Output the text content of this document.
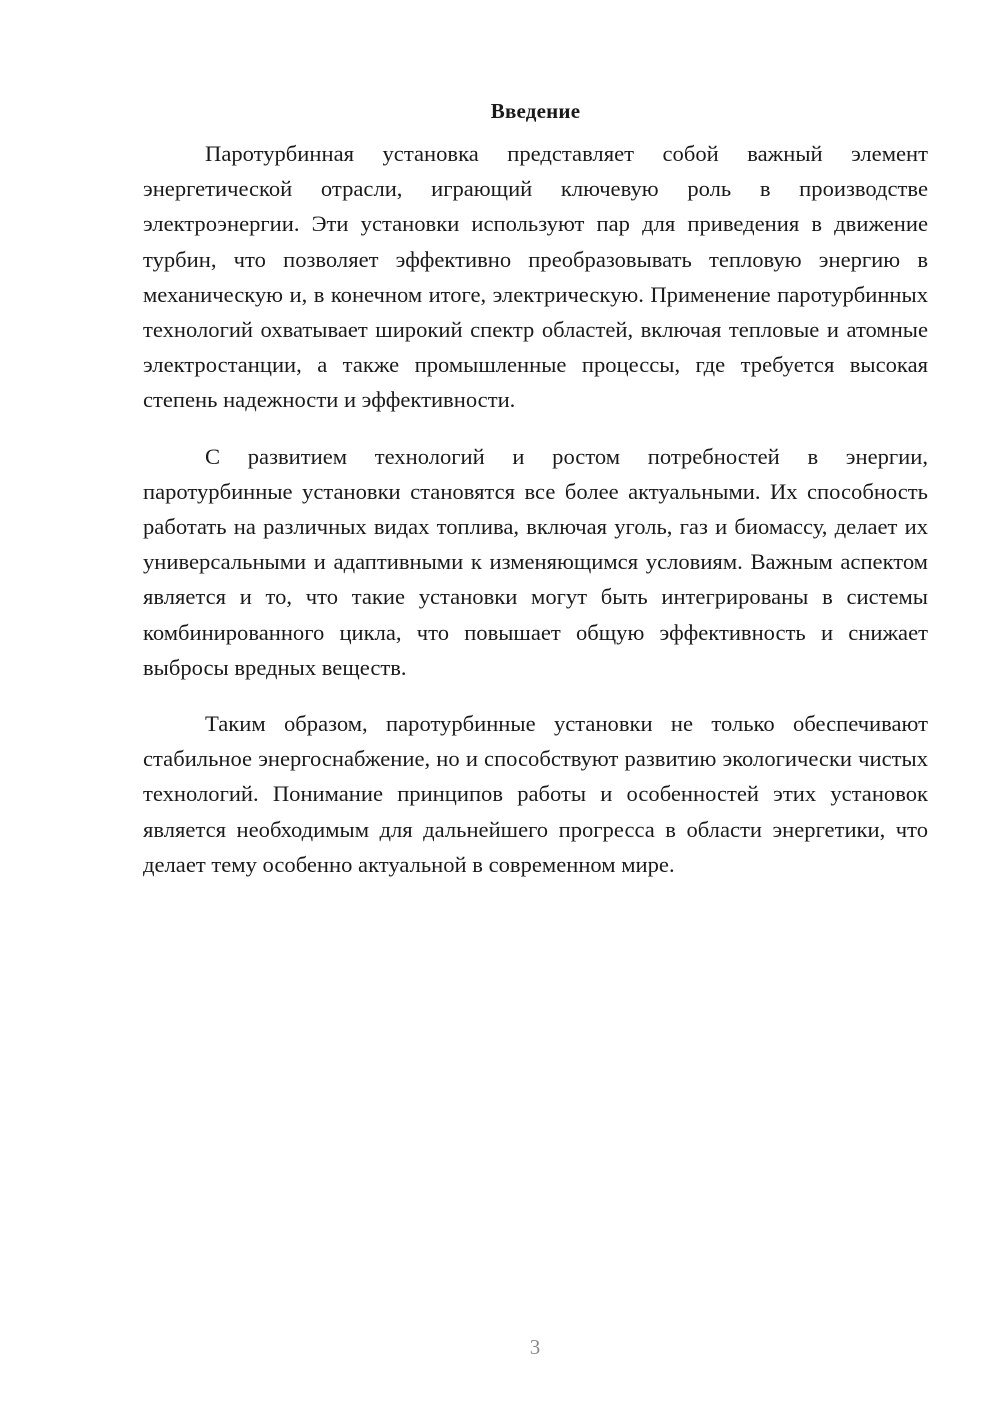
Введение

Паротурбинная установка представляет собой важный элемент энергетической отрасли, играющий ключевую роль в производстве электроэнергии. Эти установки используют пар для приведения в движение турбин, что позволяет эффективно преобразовывать тепловую энергию в механическую и, в конечном итоге, электрическую. Применение паротурбинных технологий охватывает широкий спектр областей, включая тепловые и атомные электростанции, а также промышленные процессы, где требуется высокая степень надежности и эффективности.

С развитием технологий и ростом потребностей в энергии, паротурбинные установки становятся все более актуальными. Их способность работать на различных видах топлива, включая уголь, газ и биомассу, делает их универсальными и адаптивными к изменяющимся условиям. Важным аспектом является и то, что такие установки могут быть интегрированы в системы комбинированного цикла, что повышает общую эффективность и снижает выбросы вредных веществ.

Таким образом, паротурбинные установки не только обеспечивают стабильное энергоснабжение, но и способствуют развитию экологически чистых технологий. Понимание принципов работы и особенностей этих установок является необходимым для дальнейшего прогресса в области энергетики, что делает тему особенно актуальной в современном мире.

3
